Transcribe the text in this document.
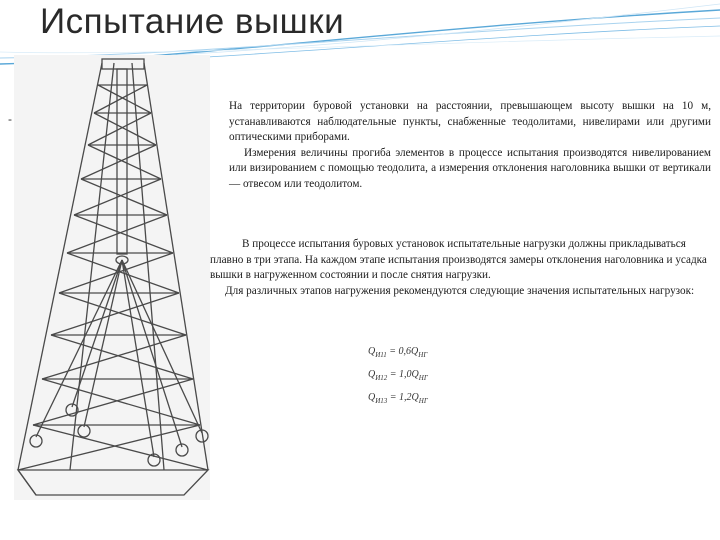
Испытание вышки
-

На территории буровой установки на расстоянии, превышающем высоту вышки на 10 м, устанавливаются наблюдательные пункты, снабженные теодолитами, нивелирами или другими оптическими приборами.

Измерения величины прогиба элементов в процессе испытания производятся нивелированием или визированием с помощью теодолита, а измерения отклонения наголовника вышки от вертикали — отвесом или теодолитом.

В процессе испытания буровых установок испытательные нагрузки должны прикладываться плавно в три этапа. На каждом этапе испытания производятся замеры отклонения наголовника и усадка вышки в нагруженном состоянии и после снятия нагрузки.

Для различных этапов нагружения рекомендуются следующие значения испытательных нагрузок:

$Q_{И11} = 0,6Q_{НГ}$
$Q_{И12} = 1,0Q_{НГ}$
$Q_{И13} = 1,2Q_{НГ}$
